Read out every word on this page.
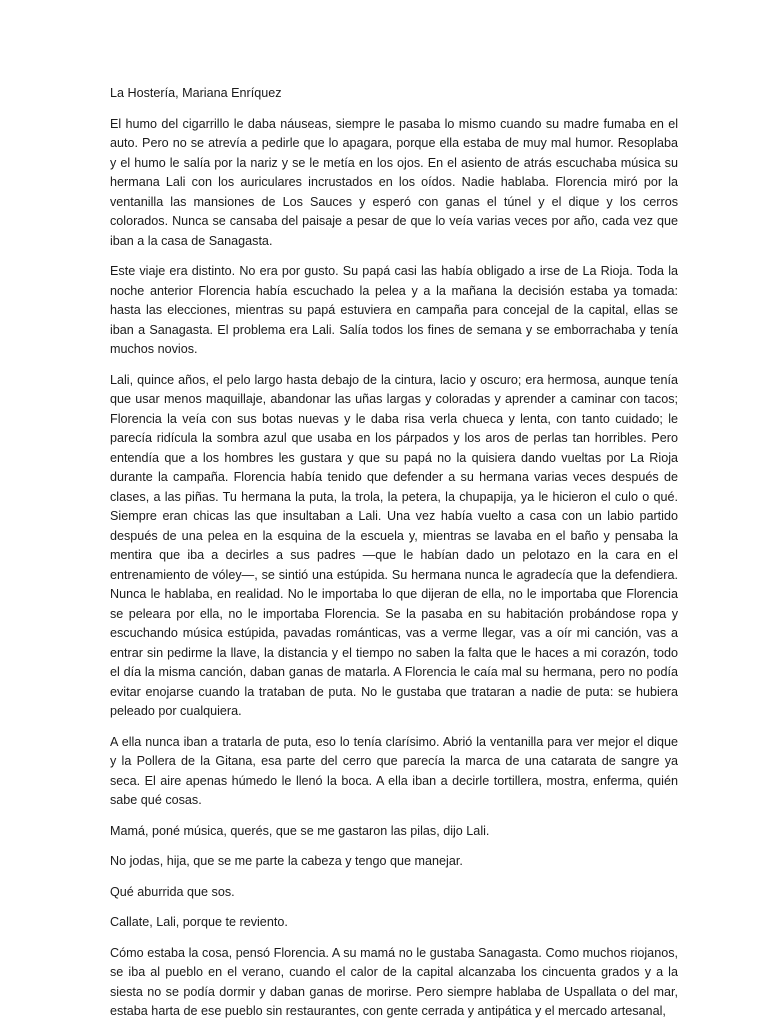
La Hostería, Mariana Enríquez

El humo del cigarrillo le daba náuseas, siempre le pasaba lo mismo cuando su madre fumaba en el auto. Pero no se atrevía a pedirle que lo apagara, porque ella estaba de muy mal humor. Resoplaba y el humo le salía por la nariz y se le metía en los ojos. En el asiento de atrás escuchaba música su hermana Lali con los auriculares incrustados en los oídos. Nadie hablaba. Florencia miró por la ventanilla las mansiones de Los Sauces y esperó con ganas el túnel y el dique y los cerros colorados. Nunca se cansaba del paisaje a pesar de que lo veía varias veces por año, cada vez que iban a la casa de Sanagasta.

Este viaje era distinto. No era por gusto. Su papá casi las había obligado a irse de La Rioja. Toda la noche anterior Florencia había escuchado la pelea y a la mañana la decisión estaba ya tomada: hasta las elecciones, mientras su papá estuviera en campaña para concejal de la capital, ellas se iban a Sanagasta. El problema era Lali. Salía todos los fines de semana y se emborrachaba y tenía muchos novios.

Lali, quince años, el pelo largo hasta debajo de la cintura, lacio y oscuro; era hermosa, aunque tenía que usar menos maquillaje, abandonar las uñas largas y coloradas y aprender a caminar con tacos; Florencia la veía con sus botas nuevas y le daba risa verla chueca y lenta, con tanto cuidado; le parecía ridícula la sombra azul que usaba en los párpados y los aros de perlas tan horribles. Pero entendía que a los hombres les gustara y que su papá no la quisiera dando vueltas por La Rioja durante la campaña. Florencia había tenido que defender a su hermana varias veces después de clases, a las piñas. Tu hermana la puta, la trola, la petera, la chupapija, ya le hicieron el culo o qué. Siempre eran chicas las que insultaban a Lali. Una vez había vuelto a casa con un labio partido después de una pelea en la esquina de la escuela y, mientras se lavaba en el baño y pensaba la mentira que iba a decirles a sus padres —que le habían dado un pelotazo en la cara en el entrenamiento de vóley—, se sintió una estúpida. Su hermana nunca le agradecía que la defendiera. Nunca le hablaba, en realidad. No le importaba lo que dijeran de ella, no le importaba que Florencia se peleara por ella, no le importaba Florencia. Se la pasaba en su habitación probándose ropa y escuchando música estúpida, pavadas románticas, vas a verme llegar, vas a oír mi canción, vas a entrar sin pedirme la llave, la distancia y el tiempo no saben la falta que le haces a mi corazón, todo el día la misma canción, daban ganas de matarla. A Florencia le caía mal su hermana, pero no podía evitar enojarse cuando la trataban de puta. No le gustaba que trataran a nadie de puta: se hubiera peleado por cualquiera.

A ella nunca iban a tratarla de puta, eso lo tenía clarísimo. Abrió la ventanilla para ver mejor el dique y la Pollera de la Gitana, esa parte del cerro que parecía la marca de una catarata de sangre ya seca. El aire apenas húmedo le llenó la boca. A ella iban a decirle tortillera, mostra, enferma, quién sabe qué cosas.

Mamá, poné música, querés, que se me gastaron las pilas, dijo Lali.

No jodas, hija, que se me parte la cabeza y tengo que manejar.

Qué aburrida que sos.

Callate, Lali, porque te reviento.

Cómo estaba la cosa, pensó Florencia. A su mamá no le gustaba Sanagasta. Como muchos riojanos, se iba al pueblo en el verano, cuando el calor de la capital alcanzaba los cincuenta grados y a la siesta no se podía dormir y daban ganas de morirse. Pero siempre hablaba de Uspallata o del mar, estaba harta de ese pueblo sin restaurantes, con gente cerrada y antipática y el mercado artesanal,
